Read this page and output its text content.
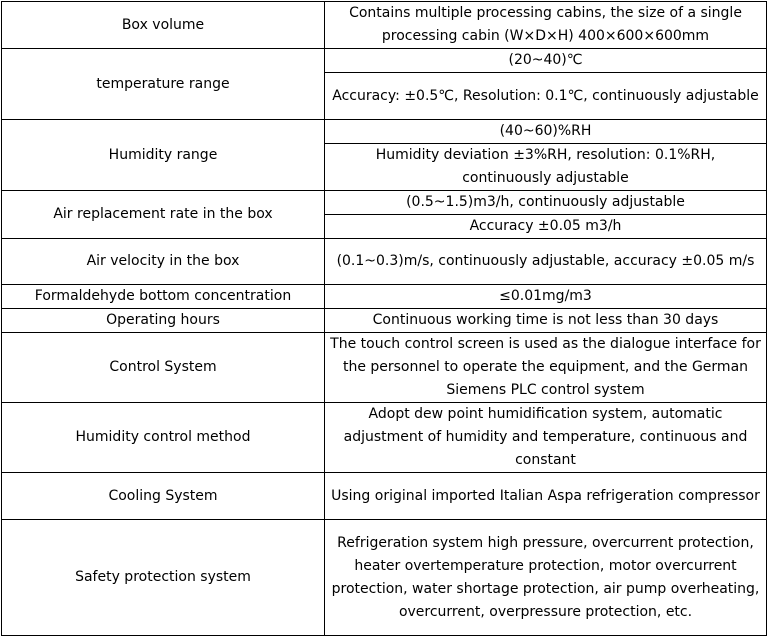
Box volume	Contains multiple processing cabins, the size of a single processing cabin (W×D×H) 400×600×600mm
temperature range	(20~40)℃
	Accuracy: ±0.5℃, Resolution: 0.1℃, continuously adjustable
Humidity range	(40~60)%RH
	Humidity deviation ±3%RH, resolution: 0.1%RH, continuously adjustable
Air replacement rate in the box	(0.5~1.5)m3/h, continuously adjustable
	Accuracy ±0.05 m3/h
Air velocity in the box	(0.1~0.3)m/s, continuously adjustable, accuracy ±0.05 m/s
Formaldehyde bottom concentration	≤0.01mg/m3
Operating hours	Continuous working time is not less than 30 days
Control System	The touch control screen is used as the dialogue interface for the personnel to operate the equipment, and the German Siemens PLC control system
Humidity control method	Adopt dew point humidification system, automatic adjustment of humidity and temperature, continuous and constant
Cooling System	Using original imported Italian Aspa refrigeration compressor
Safety protection system	Refrigeration system high pressure, overcurrent protection, heater overtemperature protection, motor overcurrent protection, water shortage protection, air pump overheating, overcurrent, overpressure protection, etc.
